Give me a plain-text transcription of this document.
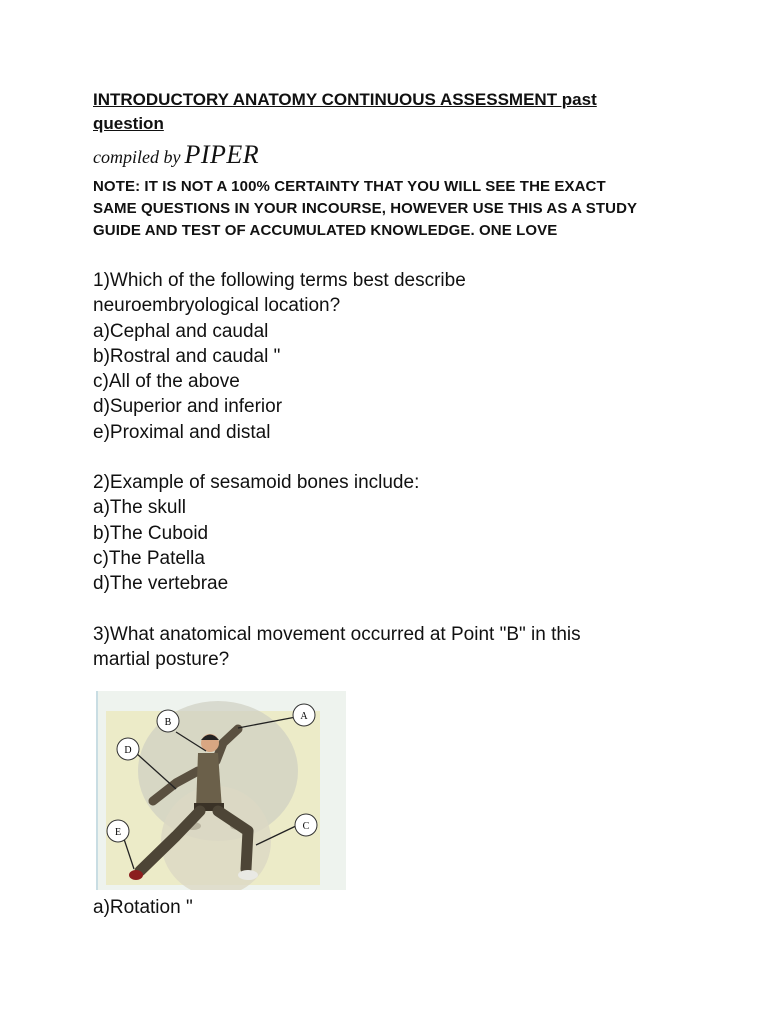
INTRODUCTORY ANATOMY CONTINUOUS ASSESSMENT past
question
compiled by PIPER
NOTE: IT IS NOT A 100% CERTAINTY THAT YOU WILL SEE THE EXACT
SAME QUESTIONS IN YOUR INCOURSE, HOWEVER USE THIS AS A STUDY
GUIDE AND TEST OF ACCUMULATED KNOWLEDGE. ONE LOVE
1)Which of the following terms best describe
neuroembryological location?
a)Cephal and caudal
b)Rostral and caudal "
c)All of the above
d)Superior and inferior
e)Proximal and distal
2)Example of sesamoid bones include:
a)The skull
b)The Cuboid
c)The Patella
d)The vertebrae
3)What anatomical movement occurred at Point "B" in this
martial posture?
A
B
C
D
E
a)Rotation "
